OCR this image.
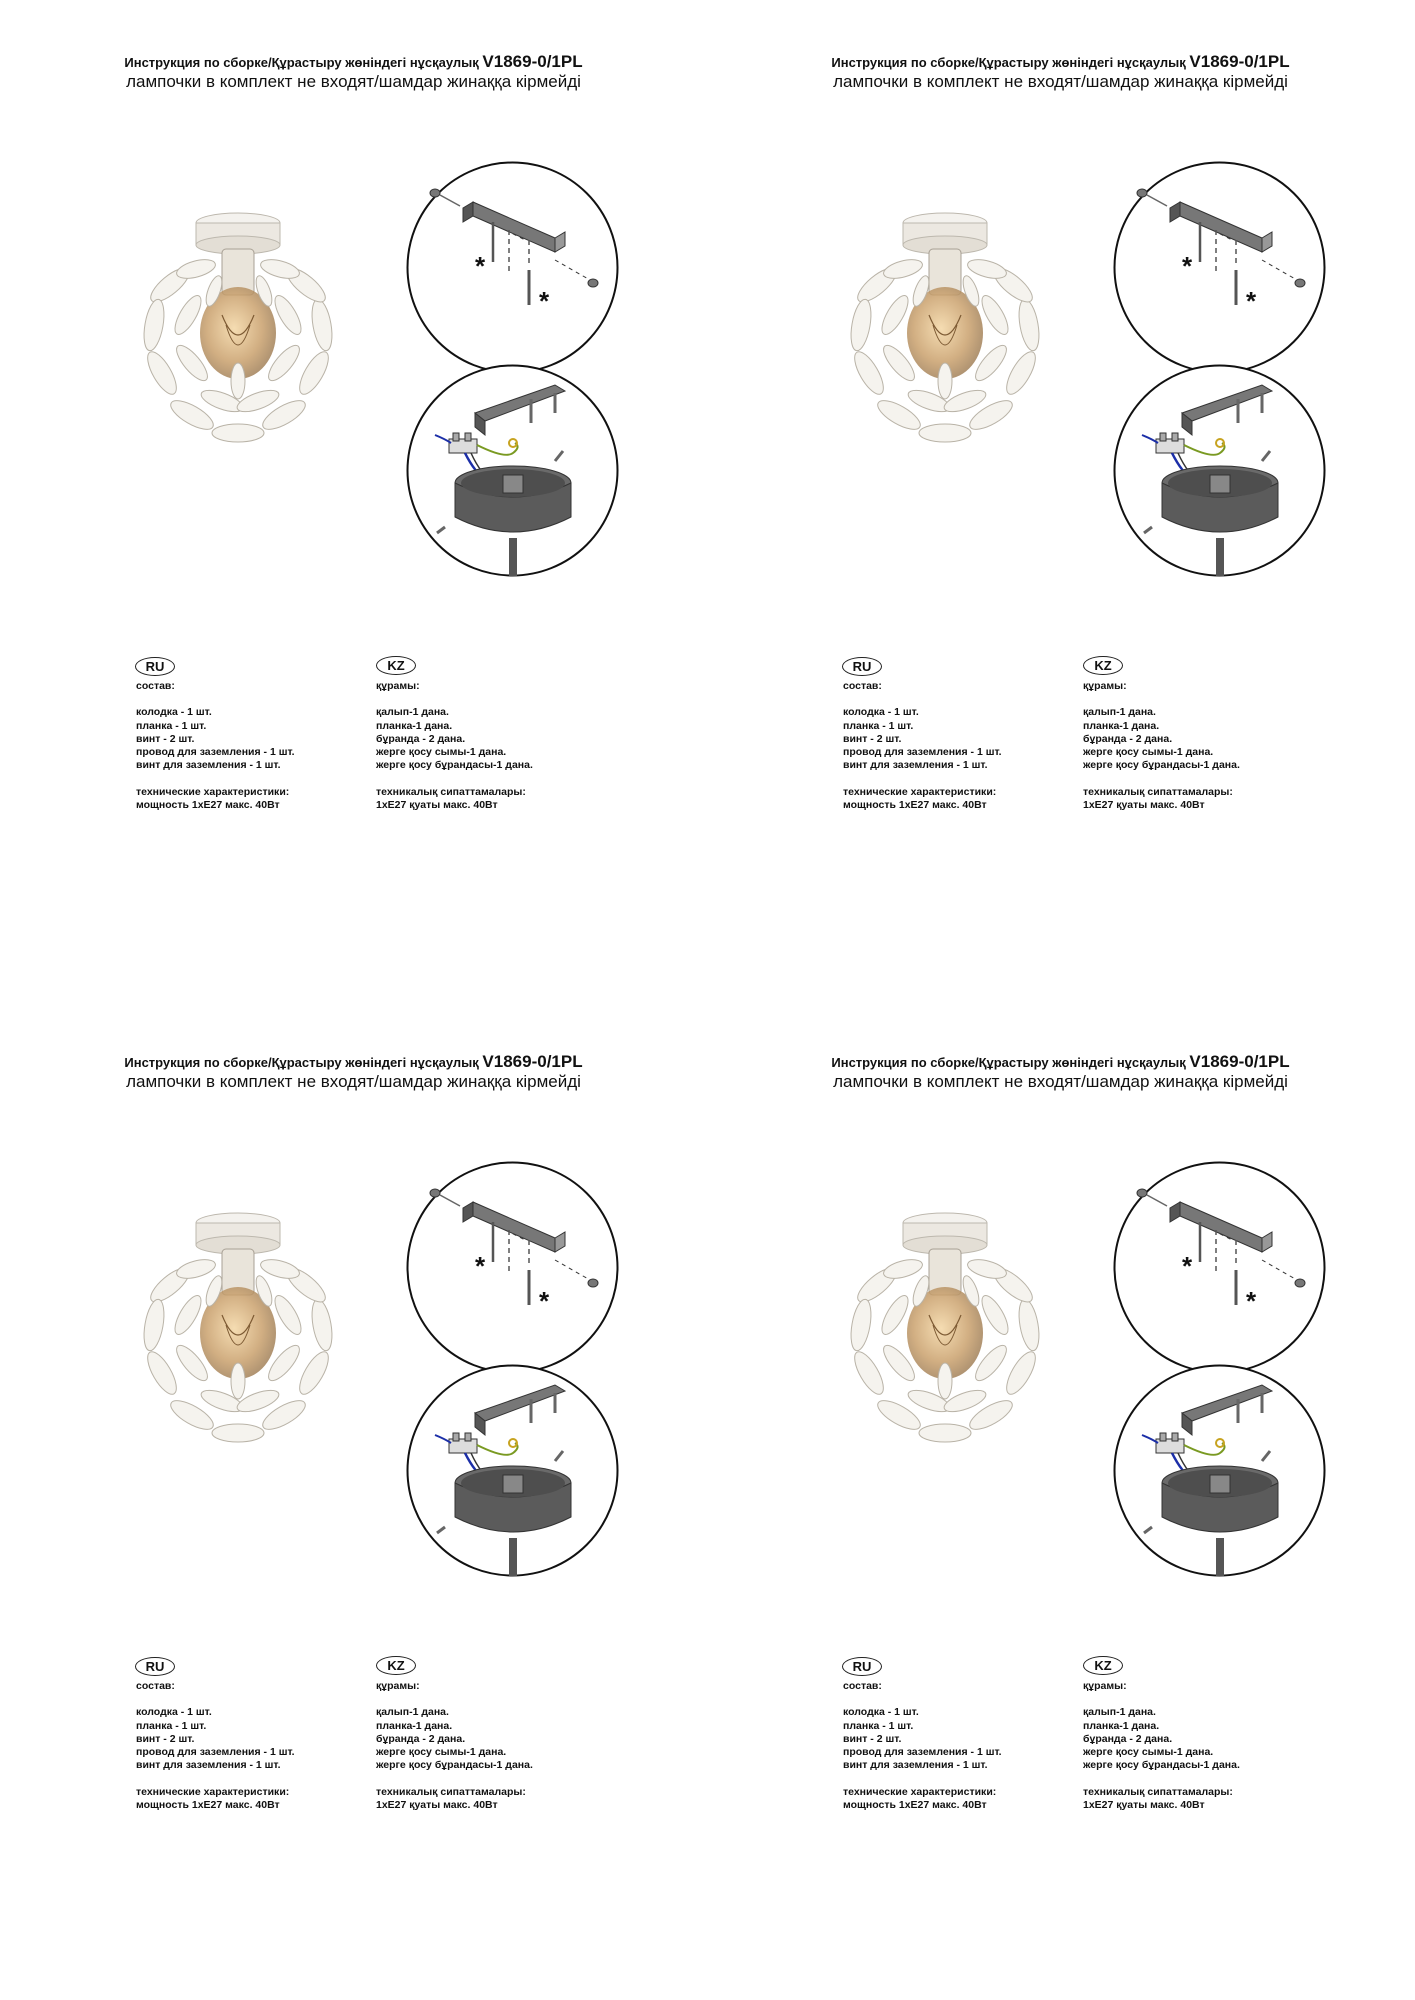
Инструкция по сборке/Құрастыру жөніндегі нұсқаулық V1869-0/1PL
лампочки в комплект не входят/шамдар жинаққа кірмейді
*
*
RU
состав:
колодка - 1 шт.
планка - 1 шт.
винт - 2 шт.
провод для заземления - 1 шт.
винт для заземления - 1 шт.
технические характеристики:
мощность 1хЕ27 макс. 40Вт
KZ
құрамы:
қалып-1 дана.
планка-1 дана.
бұранда - 2 дана.
жерге қосу сымы-1 дана.
жерге қосу бұрандасы-1 дана.
техникалық сипаттамалары:
1хЕ27 қуаты макс. 40Вт
Инструкция по сборке/Құрастыру жөніндегі нұсқаулық V1869-0/1PL
лампочки в комплект не входят/шамдар жинаққа кірмейді
*
*
RU
состав:
колодка - 1 шт.
планка - 1 шт.
винт - 2 шт.
провод для заземления - 1 шт.
винт для заземления - 1 шт.
технические характеристики:
мощность 1хЕ27 макс. 40Вт
KZ
құрамы:
қалып-1 дана.
планка-1 дана.
бұранда - 2 дана.
жерге қосу сымы-1 дана.
жерге қосу бұрандасы-1 дана.
техникалық сипаттамалары:
1хЕ27 қуаты макс. 40Вт
Инструкция по сборке/Құрастыру жөніндегі нұсқаулық V1869-0/1PL
лампочки в комплект не входят/шамдар жинаққа кірмейді
*
*
RU
состав:
колодка - 1 шт.
планка - 1 шт.
винт - 2 шт.
провод для заземления - 1 шт.
винт для заземления - 1 шт.
технические характеристики:
мощность 1хЕ27 макс. 40Вт
KZ
құрамы:
қалып-1 дана.
планка-1 дана.
бұранда - 2 дана.
жерге қосу сымы-1 дана.
жерге қосу бұрандасы-1 дана.
техникалық сипаттамалары:
1хЕ27 қуаты макс. 40Вт
Инструкция по сборке/Құрастыру жөніндегі нұсқаулық V1869-0/1PL
лампочки в комплект не входят/шамдар жинаққа кірмейді
*
*
RU
состав:
колодка - 1 шт.
планка - 1 шт.
винт - 2 шт.
провод для заземления - 1 шт.
винт для заземления - 1 шт.
технические характеристики:
мощность 1хЕ27 макс. 40Вт
KZ
құрамы:
қалып-1 дана.
планка-1 дана.
бұранда - 2 дана.
жерге қосу сымы-1 дана.
жерге қосу бұрандасы-1 дана.
техникалық сипаттамалары:
1хЕ27 қуаты макс. 40Вт
